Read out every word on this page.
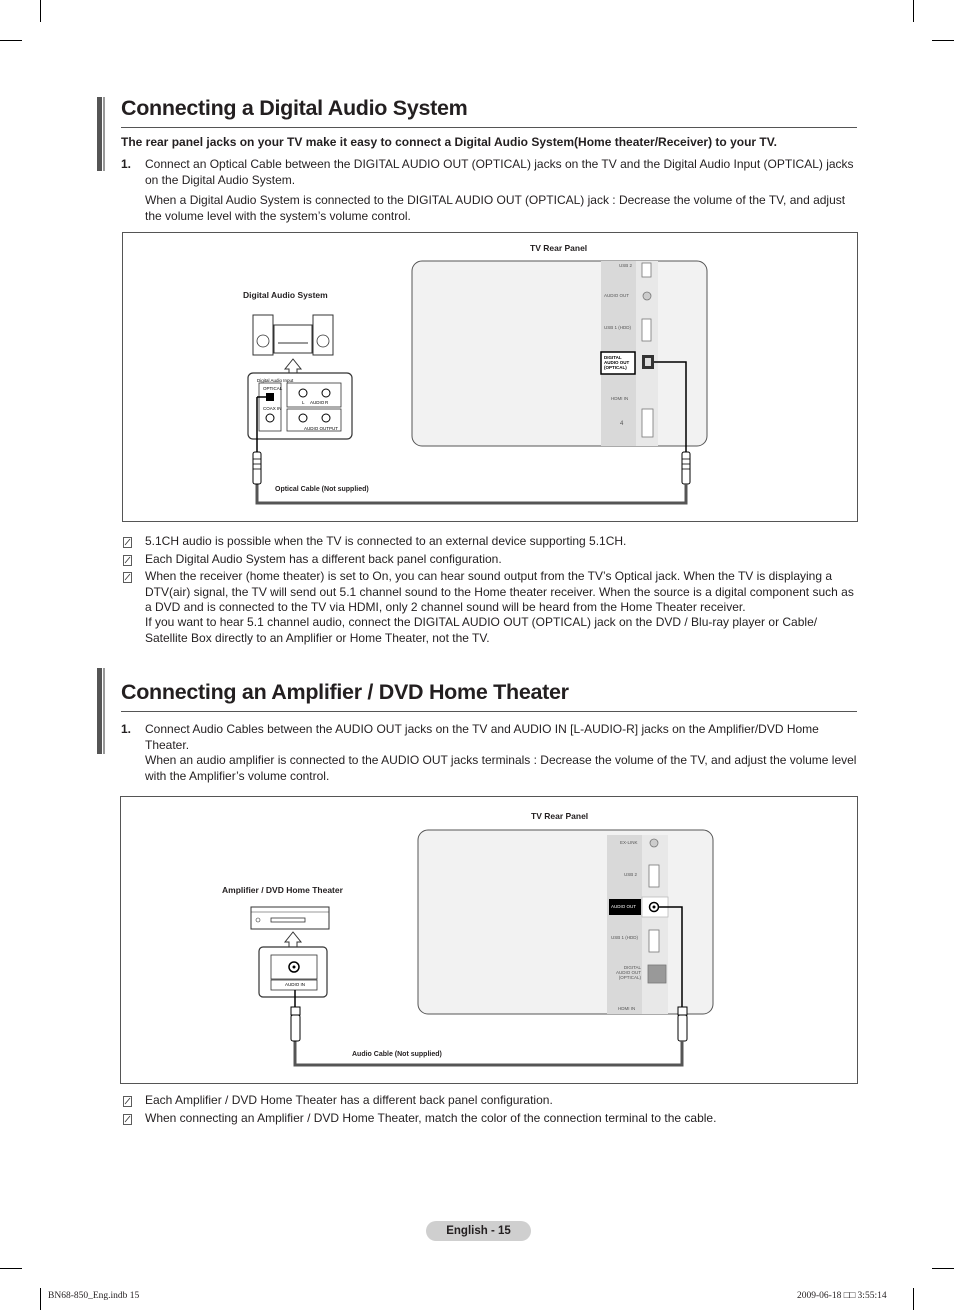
Connecting a Digital Audio System
The rear panel jacks on your TV make it easy to connect a Digital Audio System(Home theater/Receiver) to your TV.
1. Connect an Optical Cable between the DIGITAL AUDIO OUT (OPTICAL) jacks on the TV and the Digital Audio Input (OPTICAL) jacks on the Digital Audio System.
When a Digital Audio System is connected to the DIGITAL AUDIO OUT (OPTICAL) jack : Decrease the volume of the TV, and adjust the volume level with the system’s volume control.
TV Rear Panel
Digital Audio System
USB 2
AUDIO OUT
USB 1 (HDD)
DIGITAL AUDIO OUT (OPTICAL)
HDMI IN
4
Digital Audio Input
OPTICAL
COAX IN
L AUDIO R
AUDIO OUTPUT
Optical Cable (Not supplied)
5.1CH audio is possible when the TV is connected to an external device supporting 5.1CH.
Each Digital Audio System has a different back panel configuration.
When the receiver (home theater) is set to On, you can hear sound output from the TV’s Optical jack. When the TV is displaying a DTV(air) signal, the TV will send out 5.1 channel sound to the Home theater receiver. When the source is a digital component such as a DVD and is connected to the TV via HDMI, only 2 channel sound will be heard from the Home Theater receiver.
If you want to hear 5.1 channel audio, connect the DIGITAL AUDIO OUT (OPTICAL) jack on the DVD / Blu-ray player or Cable/ Satellite Box directly to an Amplifier or Home Theater, not the TV.
Connecting an Amplifier / DVD Home Theater
1. Connect Audio Cables between the AUDIO OUT jacks on the TV and AUDIO IN [L-AUDIO-R] jacks on the Amplifier/DVD Home Theater.
When an audio amplifier is connected to the AUDIO OUT jacks terminals : Decrease the volume of the TV, and adjust the volume level with the Amplifier’s volume control.
TV Rear Panel
Amplifier / DVD Home Theater
EX-LINK
USB 2
AUDIO OUT
USB 1 (HDD)
DIGITAL AUDIO OUT (OPTICAL)
HDMI IN
AUDIO IN
Audio Cable (Not supplied)
Each Amplifier / DVD Home Theater has a different back panel configuration.
When connecting an Amplifier / DVD Home Theater, match the color of the connection terminal to the cable.
English - 15
BN68-850_Eng.indb 15	2009-06-18 □□ 3:55:14
